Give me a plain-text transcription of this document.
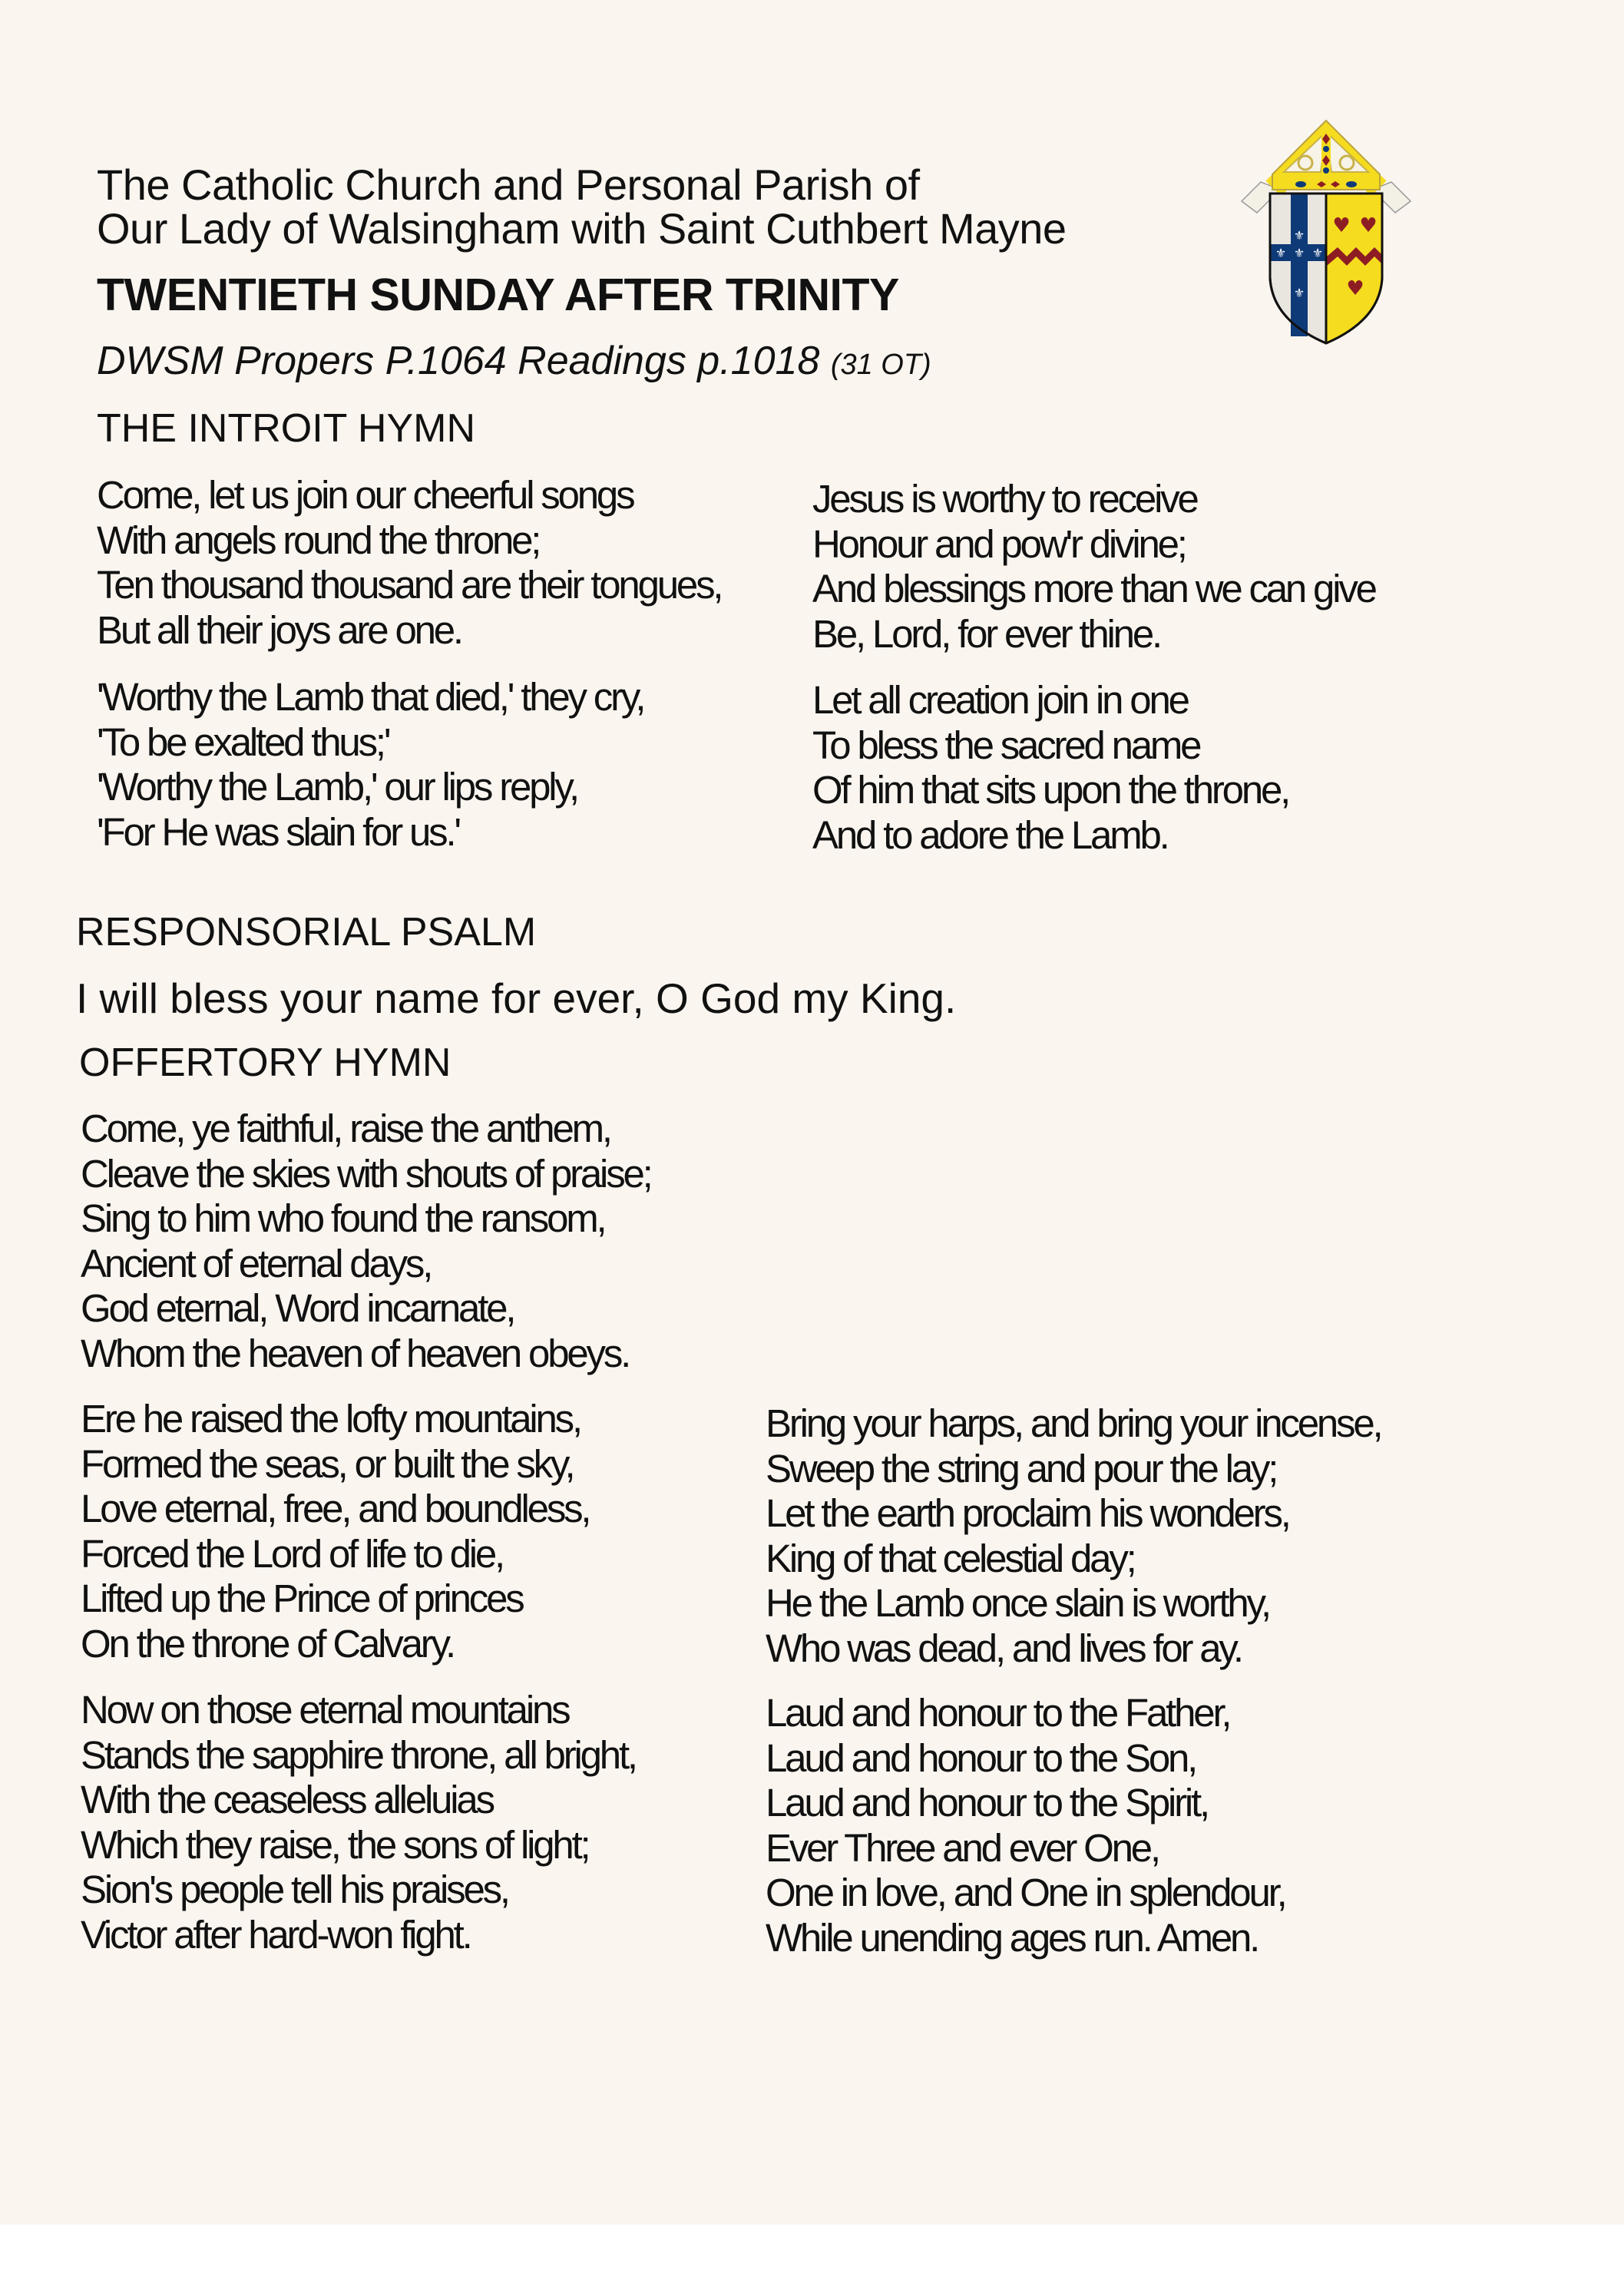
The Catholic Church and Personal Parish of
Our Lady of Walsingham with Saint Cuthbert Mayne
TWENTIETH SUNDAY AFTER TRINITY
DWSM Propers P.1064 Readings p.1018 (31 OT)
⚜
⚜
⚜ ⚜
⚜
♥ ♥
♥
THE INTROIT HYMN
Come, let us join our cheerful songs
With angels round the throne;
Ten thousand thousand are their tongues,
But all their joys are one.
'Worthy the Lamb that died,' they cry,
'To be exalted thus;'
'Worthy the Lamb,' our lips reply,
'For He was slain for us.'
Jesus is worthy to receive
Honour and pow'r divine;
And blessings more than we can give
Be, Lord, for ever thine.
Let all creation join in one
To bless the sacred name
Of him that sits upon the throne,
And to adore the Lamb.
RESPONSORIAL PSALM
I will bless your name for ever, O God my King.
OFFERTORY HYMN
Come, ye faithful, raise the anthem,
Cleave the skies with shouts of praise;
Sing to him who found the ransom,
Ancient of eternal days,
God eternal, Word incarnate,
Whom the heaven of heaven obeys.
Ere he raised the lofty mountains,
Formed the seas, or built the sky,
Love eternal, free, and boundless,
Forced the Lord of life to die,
Lifted up the Prince of princes
On the throne of Calvary.
Now on those eternal mountains
Stands the sapphire throne, all bright,
With the ceaseless alleluias
Which they raise, the sons of light;
Sion's people tell his praises,
Victor after hard-won fight.
Bring your harps, and bring your incense,
Sweep the string and pour the lay;
Let the earth proclaim his wonders,
King of that celestial day;
He the Lamb once slain is worthy,
Who was dead, and lives for ay.
Laud and honour to the Father,
Laud and honour to the Son,
Laud and honour to the Spirit,
Ever Three and ever One,
One in love, and One in splendour,
While unending ages run. Amen.
